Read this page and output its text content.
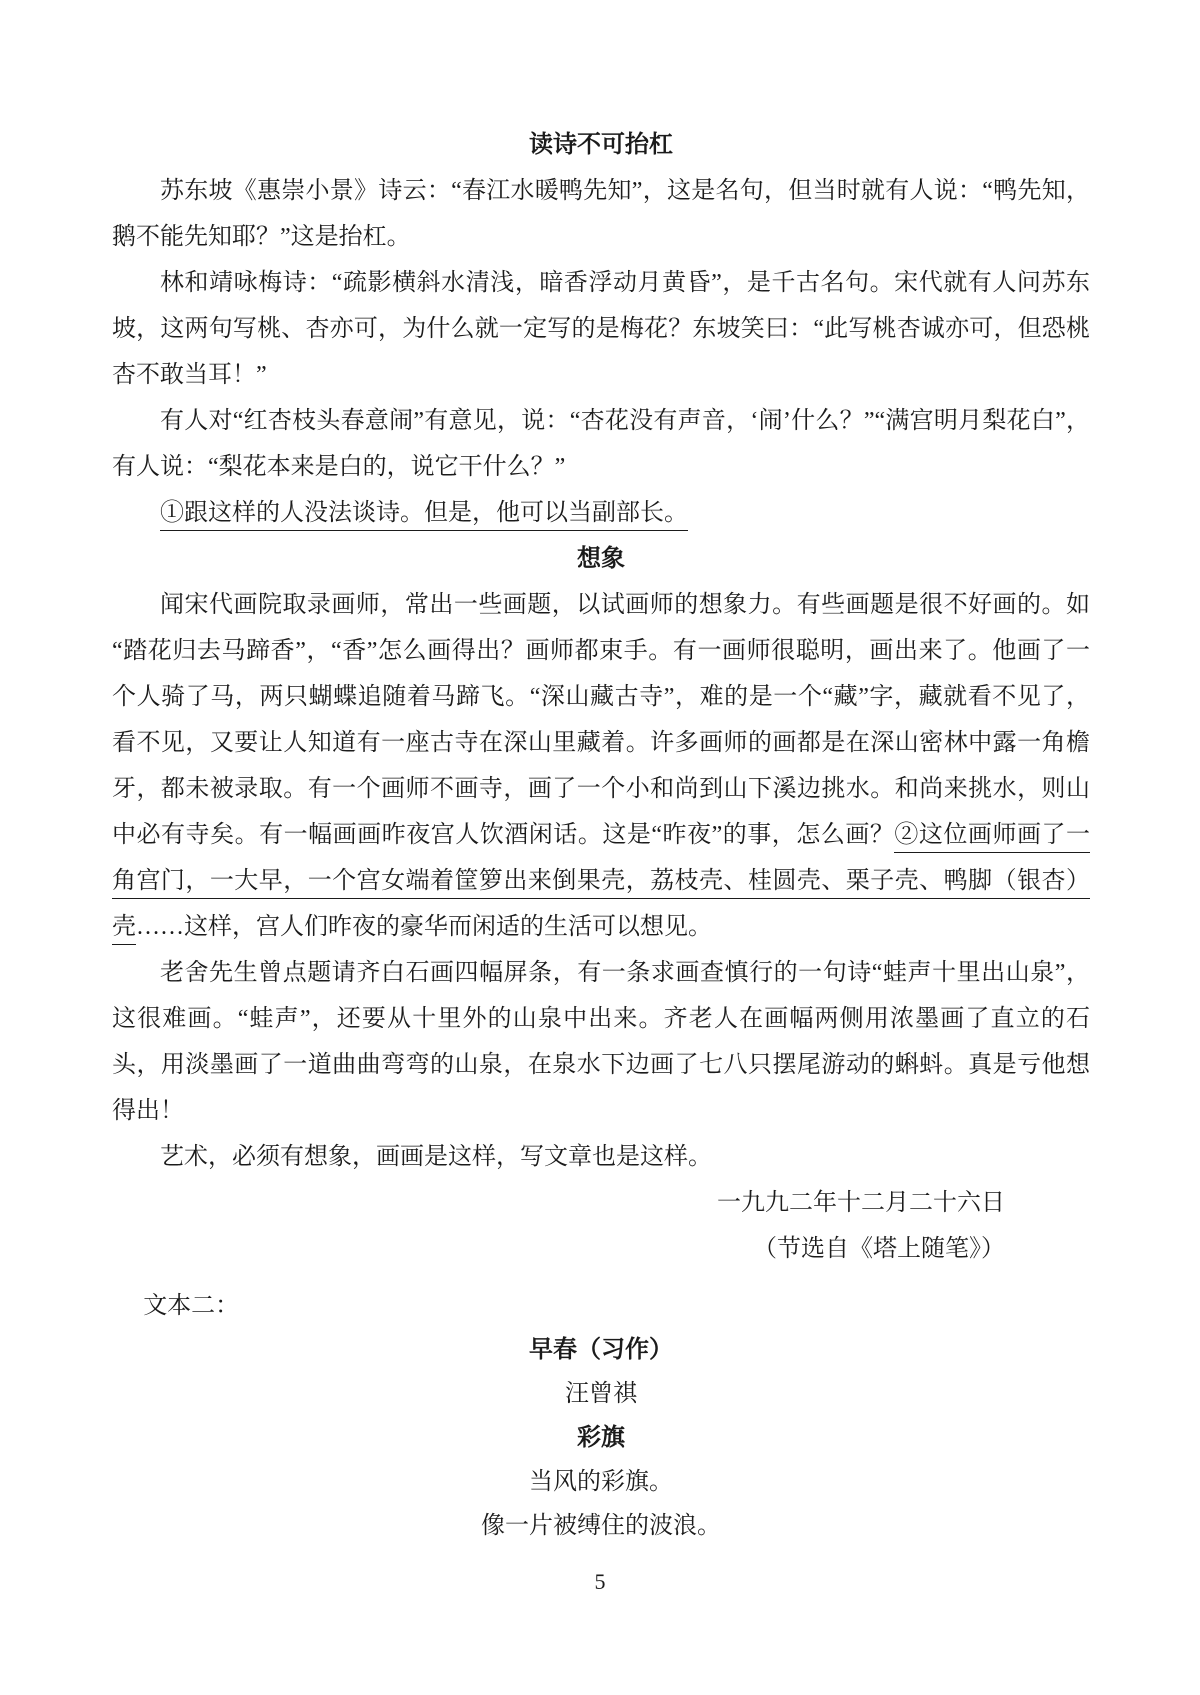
读诗不可抬杠

苏东坡《惠崇小景》诗云：“春江水暖鸭先知”，这是名句，但当时就有人说：“鸭先知，鹅不能先知耶？”这是抬杠。

林和靖咏梅诗：“疏影横斜水清浅，暗香浮动月黄昏”，是千古名句。宋代就有人问苏东坡，这两句写桃、杏亦可，为什么就一定写的是梅花？东坡笑曰：“此写桃杏诚亦可，但恐桃杏不敢当耳！”

有人对“红杏枝头春意闹”有意见，说：“杏花没有声音，‘闹’什么？”“满宫明月梨花白”，有人说：“梨花本来是白的，说它干什么？”

①跟这样的人没法谈诗。但是，他可以当副部长。

想象

闻宋代画院取录画师，常出一些画题，以试画师的想象力。有些画题是很不好画的。如“踏花归去马蹄香”，“香”怎么画得出？画师都束手。有一画师很聪明，画出来了。他画了一个人骑了马，两只蝴蝶追随着马蹄飞。“深山藏古寺”，难的是一个“藏”字，藏就看不见了，看不见，又要让人知道有一座古寺在深山里藏着。许多画师的画都是在深山密林中露一角檐牙，都未被录取。有一个画师不画寺，画了一个小和尚到山下溪边挑水。和尚来挑水，则山中必有寺矣。有一幅画画昨夜宫人饮酒闲话。这是“昨夜”的事，怎么画？②这位画师画了一角宫门，一大早，一个宫女端着筐箩出来倒果壳，荔枝壳、桂圆壳、栗子壳、鸭脚（银杏）壳……这样，宫人们昨夜的豪华而闲适的生活可以想见。

老舍先生曾点题请齐白石画四幅屏条，有一条求画查慎行的一句诗“蛙声十里出山泉”，这很难画。“蛙声”，还要从十里外的山泉中出来。齐老人在画幅两侧用浓墨画了直立的石头，用淡墨画了一道曲曲弯弯的山泉，在泉水下边画了七八只摆尾游动的蝌蚪。真是亏他想得出！

艺术，必须有想象，画画是这样，写文章也是这样。

一九九二年十二月二十六日

（节选自《塔上随笔》）

文本二：

早春（习作）

汪曾祺

彩旗

当风的彩旗。

像一片被缚住的波浪。

5
